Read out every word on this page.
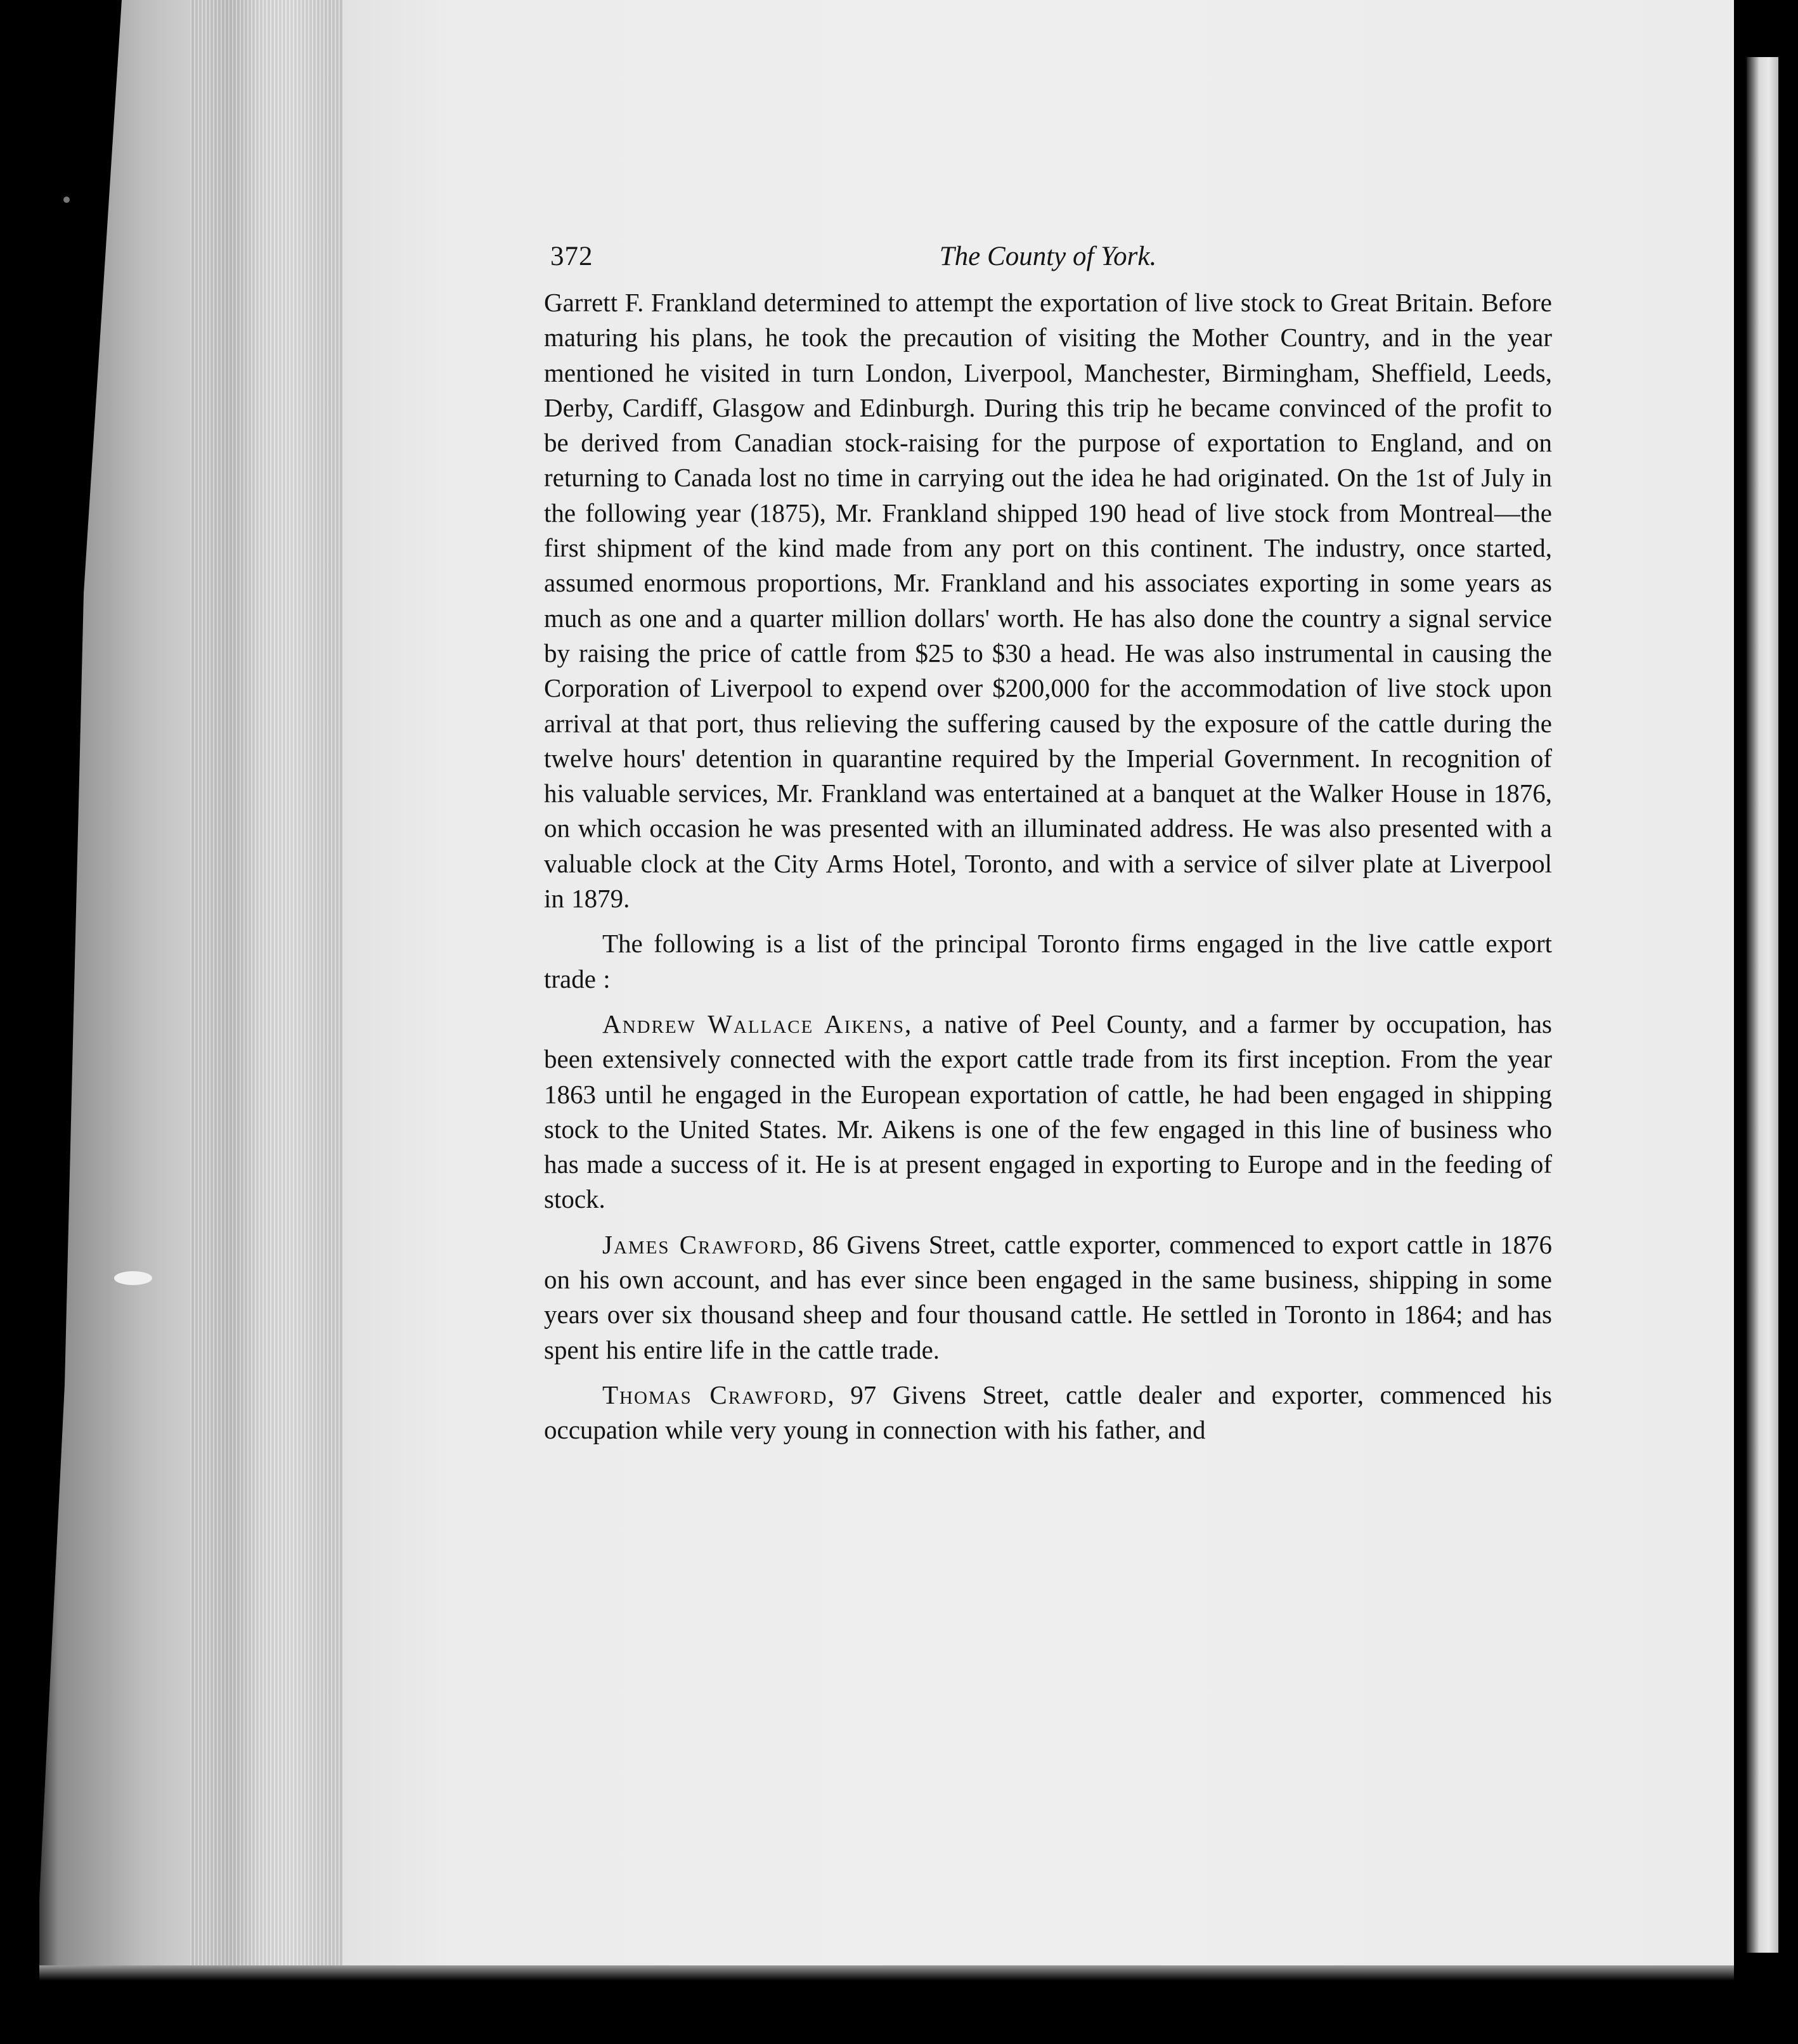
372	The County of York.

Garrett F. Frankland determined to attempt the exportation of live stock to Great Britain. Before maturing his plans, he took the precaution of visiting the Mother Country, and in the year mentioned he visited in turn London, Liverpool, Manchester, Birmingham, Sheffield, Leeds, Derby, Cardiff, Glasgow and Edinburgh. During this trip he became convinced of the profit to be derived from Canadian stock-raising for the purpose of exportation to England, and on returning to Canada lost no time in carrying out the idea he had originated. On the 1st of July in the following year (1875), Mr. Frankland shipped 190 head of live stock from Montreal—the first shipment of the kind made from any port on this continent. The industry, once started, assumed enormous proportions, Mr. Frankland and his associates exporting in some years as much as one and a quarter million dollars' worth. He has also done the country a signal service by raising the price of cattle from $25 to $30 a head. He was also instrumental in causing the Corporation of Liverpool to expend over $200,000 for the accommodation of live stock upon arrival at that port, thus relieving the suffering caused by the exposure of the cattle during the twelve hours' detention in quarantine required by the Imperial Government. In recognition of his valuable services, Mr. Frankland was entertained at a banquet at the Walker House in 1876, on which occasion he was presented with an illuminated address. He was also presented with a valuable clock at the City Arms Hotel, Toronto, and with a service of silver plate at Liverpool in 1879.

The following is a list of the principal Toronto firms engaged in the live cattle export trade :

Andrew Wallace Aikens, a native of Peel County, and a farmer by occupation, has been extensively connected with the export cattle trade from its first inception. From the year 1863 until he engaged in the European exportation of cattle, he had been engaged in shipping stock to the United States. Mr. Aikens is one of the few engaged in this line of business who has made a success of it. He is at present engaged in exporting to Europe and in the feeding of stock.

James Crawford, 86 Givens Street, cattle exporter, commenced to export cattle in 1876 on his own account, and has ever since been engaged in the same business, shipping in some years over six thousand sheep and four thousand cattle. He settled in Toronto in 1864; and has spent his entire life in the cattle trade.

Thomas Crawford, 97 Givens Street, cattle dealer and exporter, commenced his occupation while very young in connection with his father, and
